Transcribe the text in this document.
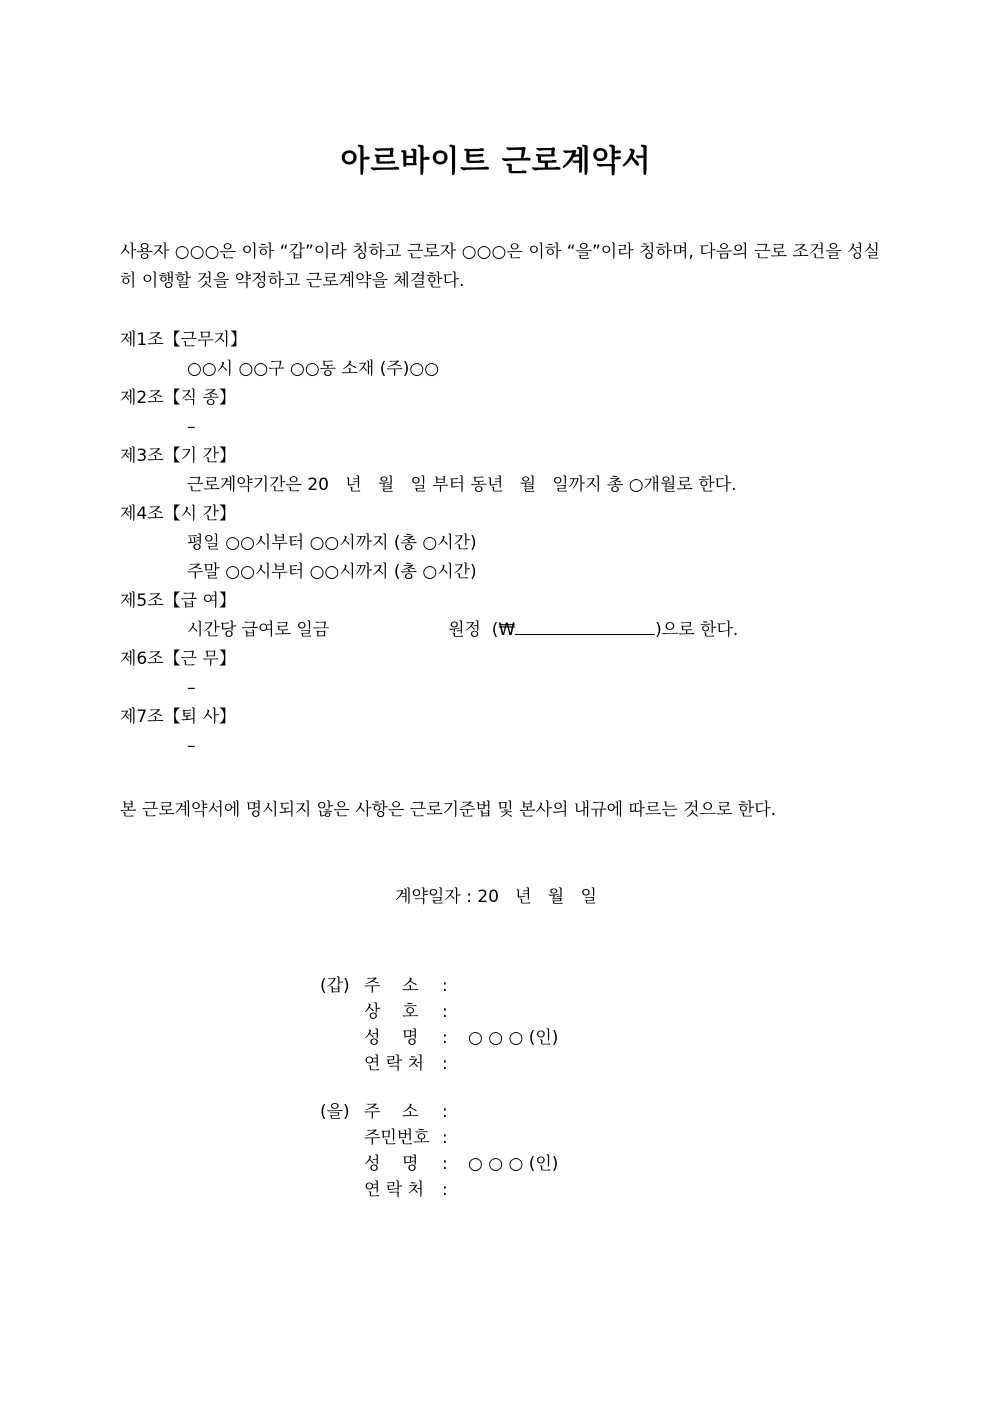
아르바이트 근로계약서
사용자 ○○○은 이하 “갑”이라 칭하고 근로자 ○○○은 이하 “을”이라 칭하며, 다음의 근로 조건을 성실히 이행할 것을 약정하고 근로계약을 체결한다.
제1조【근무지】
○○시 ○○구 ○○동 소재 (주)○○
제2조【직 종】
–
제3조【기 간】
근로계약기간은 20   년   월   일 부터 동년   월   일까지 총 ○개월로 한다.
제4조【시 간】
평일 ○○시부터 ○○시까지 (총 ○시간)
주말 ○○시부터 ○○시까지 (총 ○시간)
제5조【급 여】
시간당 급여로 일금                      원정  (₩	)으로 한다.
제6조【근 무】
–
제7조【퇴 사】
–
본 근로계약서에 명시되지 않은 사항은 근로기준법 및 본사의 내규에 따르는 것으로 한다.
계약일자 : 20   년   월   일
(갑) 주    소	:
상    호	:
성    명	: ○ ○ ○ (인)
연 락 처	:
(을) 주    소	:
주민번호 :
성    명	: ○ ○ ○ (인)
연 락 처	:
